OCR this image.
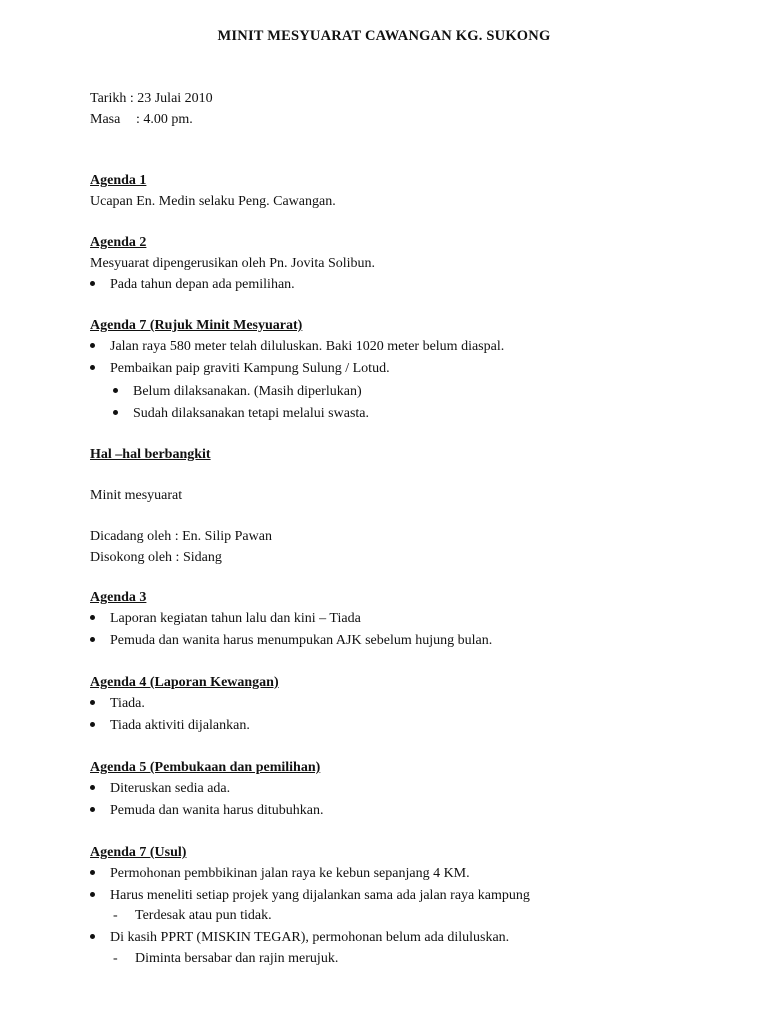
MINIT MESYUARAT CAWANGAN KG. SUKONG
Tarikh : 23 Julai 2010
Masa : 4.00 pm.
Agenda 1
Ucapan En. Medin selaku Peng. Cawangan.
Agenda 2
Mesyuarat dipengerusikan oleh Pn. Jovita Solibun.
Pada tahun depan ada pemilihan.
Agenda 7 (Rujuk Minit Mesyuarat)
Jalan raya 580 meter telah diluluskan. Baki 1020 meter belum diaspal.
Pembaikan paip graviti Kampung Sulung / Lotud.
Belum dilaksanakan. (Masih diperlukan)
Sudah dilaksanakan tetapi melalui swasta.
Hal –hal berbangkit
Minit mesyuarat
Dicadang oleh : En. Silip Pawan
Disokong oleh : Sidang
Agenda 3
Laporan kegiatan tahun lalu dan kini – Tiada
Pemuda dan wanita harus menumpukan AJK sebelum hujung bulan.
Agenda 4 (Laporan Kewangan)
Tiada.
Tiada aktiviti dijalankan.
Agenda 5 (Pembukaan dan pemilihan)
Diteruskan sedia ada.
Pemuda dan wanita harus ditubuhkan.
Agenda 7 (Usul)
Permohonan pembbikinan jalan raya ke kebun sepanjang 4 KM.
Harus meneliti setiap projek yang dijalankan sama ada jalan raya kampung
- Terdesak atau pun tidak.
Di kasih PPRT (MISKIN TEGAR), permohonan belum ada diluluskan.
- Diminta bersabar dan rajin merujuk.
